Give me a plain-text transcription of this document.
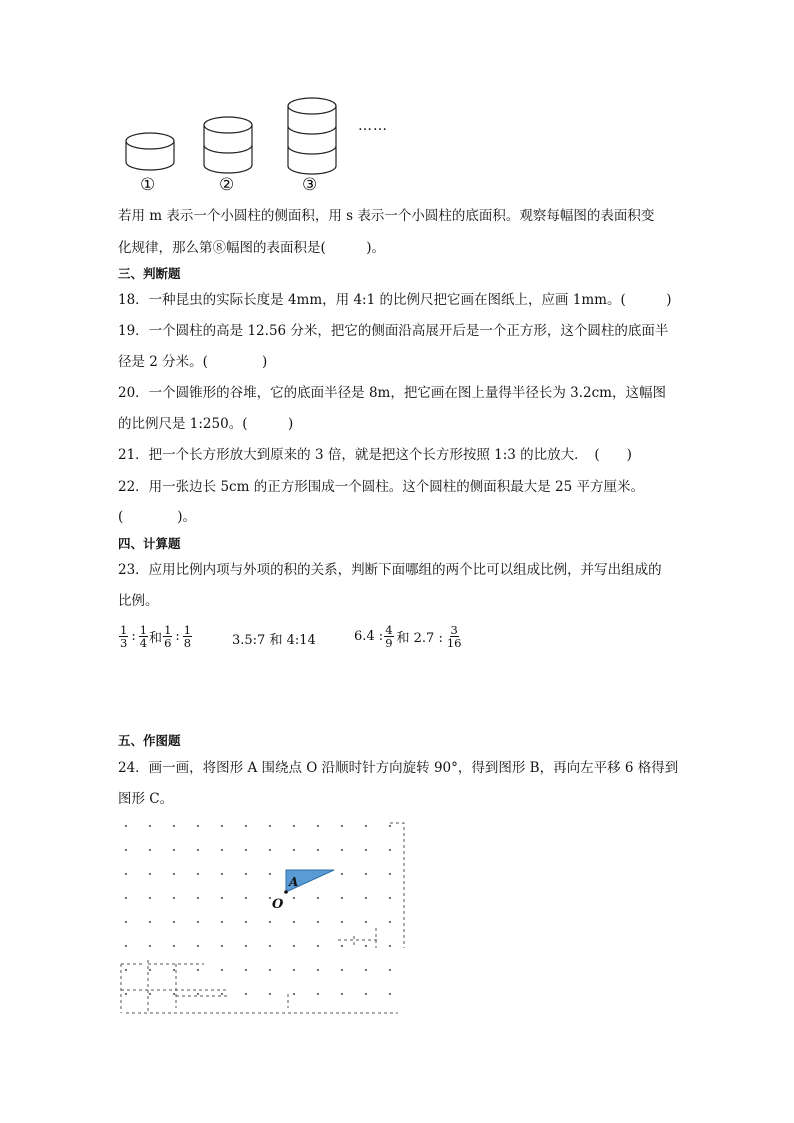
……
①	②	③
若用 m 表示一个小圆柱的侧面积，用 s 表示一个小圆柱的底面积。观察每幅图的表面积变
化规律，那么第⑧幅图的表面积是(　　　)。
三、判断题
18．一种昆虫的实际长度是 4mm，用 4:1 的比例尺把它画在图纸上，应画 1mm。(　　　)
19．一个圆柱的高是 12.56 分米，把它的侧面沿高展开后是一个正方形，这个圆柱的底面半
径是 2 分米。(　　　　)
20．一个圆锥形的谷堆，它的底面半径是 8m，把它画在图上量得半径长为 3.2cm，这幅图
的比例尺是 1:250。(　　　)
21．把一个长方形放大到原来的 3 倍，就是把这个长方形按照 1:3 的比放大．　(　　)
22．用一张边长 5cm 的正方形围成一个圆柱。这个圆柱的侧面积最大是 25 平方厘米。
(　　　　)。
四、计算题
23．应用比例内项与外项的积的关系，判断下面哪组的两个比可以组成比例，并写出组成的
比例。
$\frac{1}{3}$ : $\frac{1}{4}$ 和 $\frac{1}{6}$ : $\frac{1}{8}$	3.5:7 和 4:14	6.4 : $\frac{4}{9}$ 和 2.7 : $\frac{3}{16}$
五、作图题
24．画一画，将图形 A 围绕点 O 沿顺时针方向旋转 90°，得到图形 B，再向左平移 6 格得到
图形 C。
A
O
